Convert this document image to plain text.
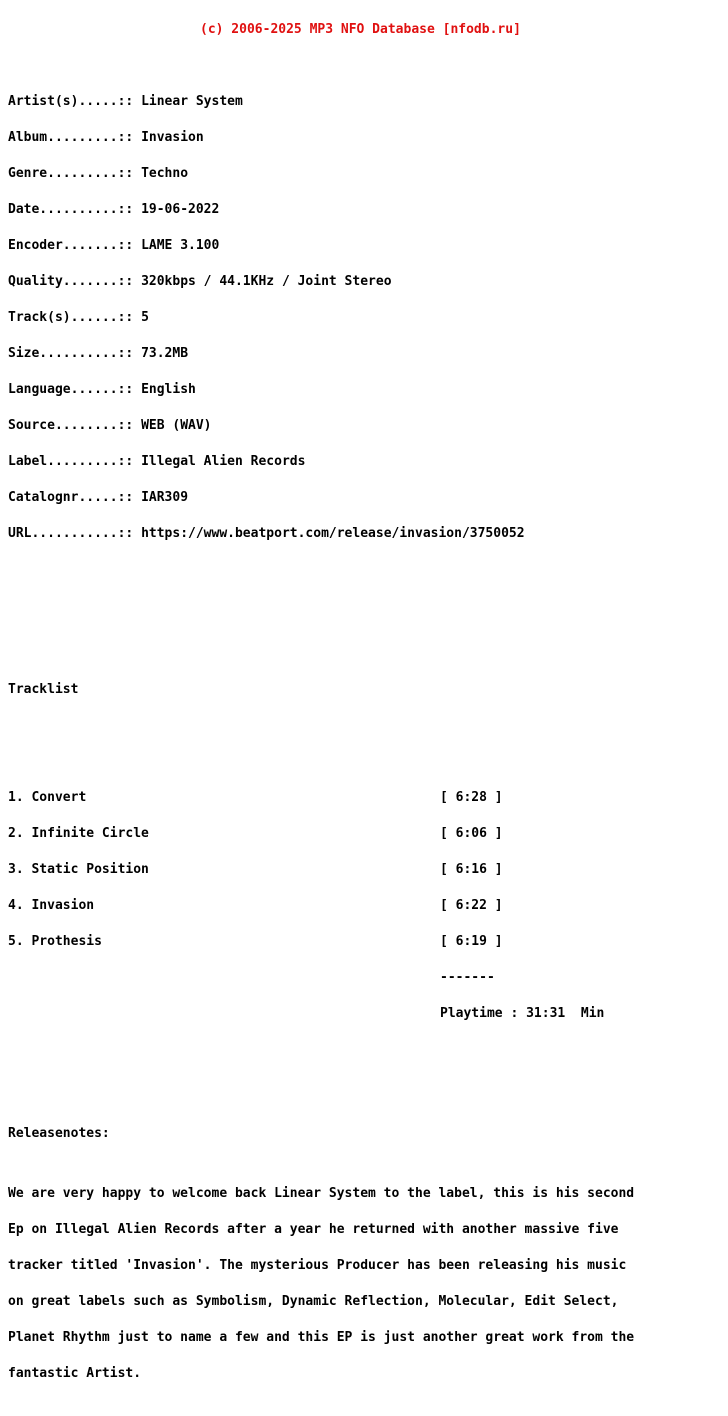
(c) 2006-2025 MP3 NFO Database [nfodb.ru]

Artist(s).....:: Linear System

Album.........:: Invasion

Genre.........:: Techno

Date..........:: 19-06-2022

Encoder.......:: LAME 3.100

Quality.......:: 320kbps / 44.1KHz / Joint Stereo

Track(s)......:: 5

Size..........:: 73.2MB

Language......:: English

Source........:: WEB (WAV)

Label.........:: Illegal Alien Records

Catalognr.....:: IAR309

URL...........:: https://www.beatport.com/release/invasion/3750052

Tracklist

1. Convert	[ 6:28 ]

2. Infinite Circle	[ 6:06 ]

3. Static Position	[ 6:16 ]

4. Invasion	[ 6:22 ]

5. Prothesis	[ 6:19 ]

-------

Playtime : 31:31  Min

Releasenotes:

We are very happy to welcome back Linear System to the label, this is his second

Ep on Illegal Alien Records after a year he returned with another massive five

tracker titled 'Invasion'. The mysterious Producer has been releasing his music

on great labels such as Symbolism, Dynamic Reflection, Molecular, Edit Select,

Planet Rhythm just to name a few and this EP is just another great work from the

fantastic Artist.
